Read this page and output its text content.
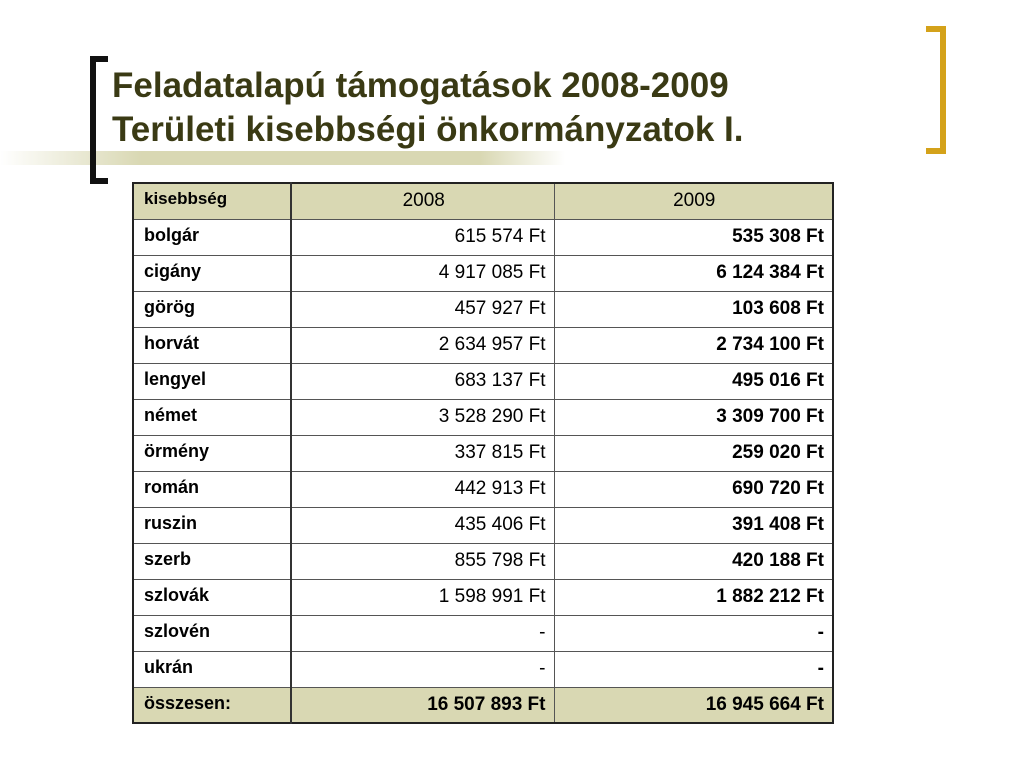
Feladatalapú támogatások 2008-2009
Területi kisebbségi önkormányzatok I.
kisebbség	2008	2009
bolgár	615 574 Ft	535 308 Ft
cigány	4 917 085 Ft	6 124 384 Ft
görög	457 927 Ft	103 608 Ft
horvát	2 634 957 Ft	2 734 100 Ft
lengyel	683 137 Ft	495 016 Ft
német	3 528 290 Ft	3 309 700 Ft
örmény	337 815 Ft	259 020 Ft
román	442 913 Ft	690 720 Ft
ruszin	435 406 Ft	391 408 Ft
szerb	855 798 Ft	420 188 Ft
szlovák	1 598 991 Ft	1 882 212 Ft
szlovén	-	-
ukrán	-	-
összesen:	16 507 893 Ft	16 945 664 Ft
